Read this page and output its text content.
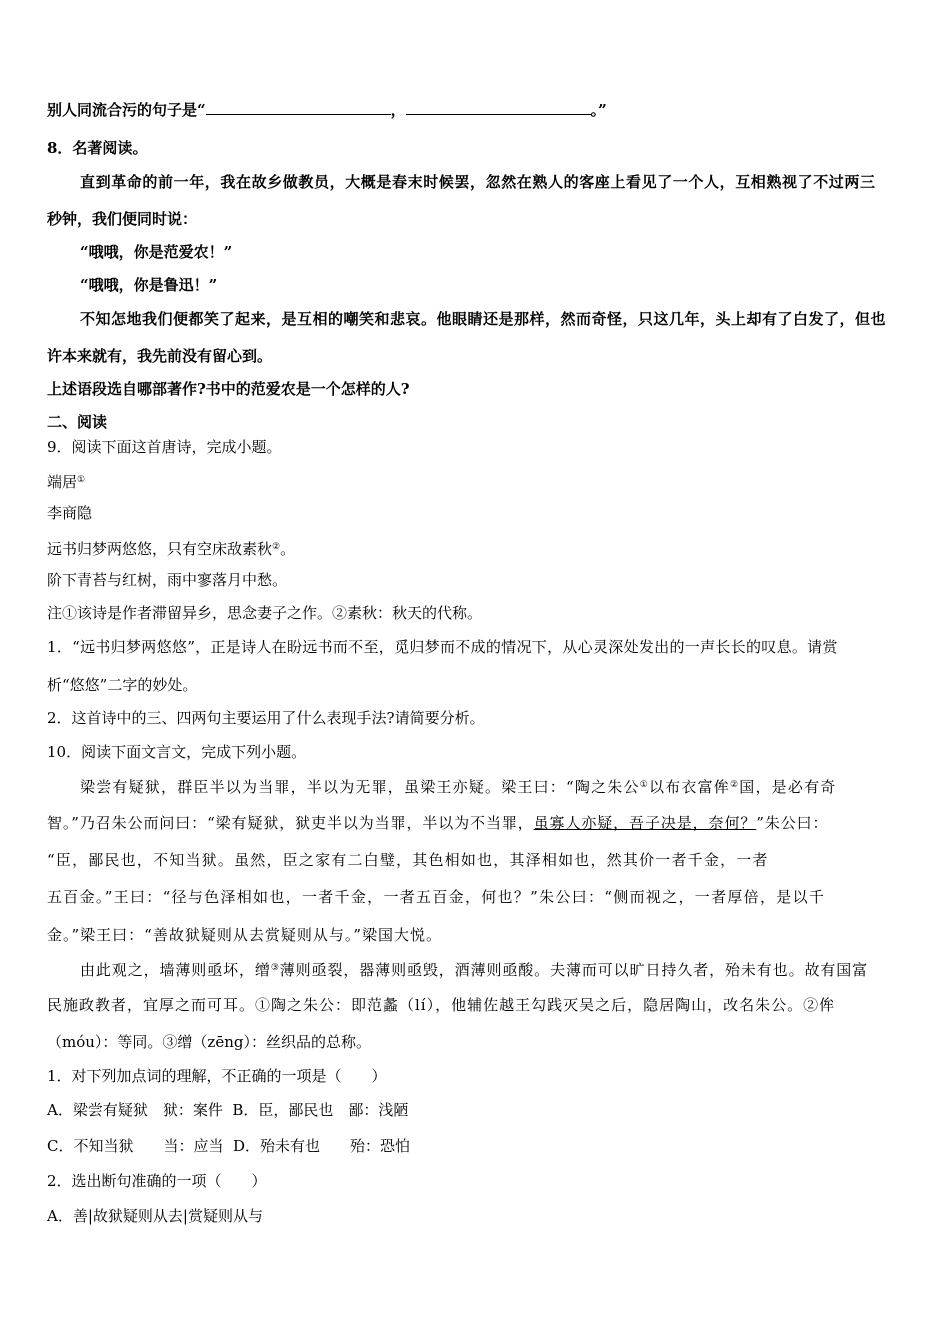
别人同流合污的句子是“	，	。”
8．名著阅读。
直到革命的前一年，我在故乡做教员，大概是春末时候罢，忽然在熟人的客座上看见了一个人，互相熟视了不过两三
秒钟，我们便同时说：
“哦哦，你是范爱农！”
“哦哦，你是鲁迅！”
不知怎地我们便都笑了起来，是互相的嘲笑和悲哀。他眼睛还是那样，然而奇怪，只这几年，头上却有了白发了，但也
许本来就有，我先前没有留心到。
上述语段选自哪部著作?书中的范爱农是一个怎样的人?
二、阅读
9．阅读下面这首唐诗，完成小题。
端居①
李商隐
远书归梦两悠悠，只有空床敌素秋②。
阶下青苔与红树，雨中寥落月中愁。
注①该诗是作者滞留异乡，思念妻子之作。②素秋：秋天的代称。
1．“远书归梦两悠悠”，正是诗人在盼远书而不至，觅归梦而不成的情况下，从心灵深处发出的一声长长的叹息。请赏
析“悠悠”二字的妙处。
2．这首诗中的三、四两句主要运用了什么表现手法?请简要分析。
10．阅读下面文言文，完成下列小题。
梁尝有疑狱，群臣半以为当罪，半以为无罪，虽梁王亦疑。梁王曰：“陶之朱公①以布衣富侔②国，是必有奇
智。”乃召朱公而问曰：“梁有疑狱，狱吏半以为当罪，半以为不当罪，虽寡人亦疑，吾子决是，奈何？”朱公曰：
“臣，鄙民也，不知当狱。虽然，臣之家有二白璧，其色相如也，其泽相如也，然其价一者千金，一者
五百金。”王曰：“径与色泽相如也，一者千金，一者五百金，何也？”朱公曰：“侧而视之，一者厚倍，是以千
金。”梁王曰：“善故狱疑则从去赏疑则从与。”梁国大悦。
由此观之，墙薄则亟坏，缯③薄则亟裂，器薄则亟毁，酒薄则亟酸。夫薄而可以旷日持久者，殆未有也。故有国富
民施政教者，宜厚之而可耳。①陶之朱公：即范蠡（lí），他辅佐越王勾践灭吴之后，隐居陶山，改名朱公。②侔
（móu）：等同。③缯（zēng）：丝织品的总称。
1．对下列加点词的理解，不正确的一项是（　　）
A．梁尝有疑狱　狱：案件 B．臣，鄙民也　鄙：浅陋
C．不知当狱　　当：应当 D．殆未有也　　殆：恐怕
2．选出断句准确的一项（　　）
A．善|故狱疑则从去|赏疑则从与
